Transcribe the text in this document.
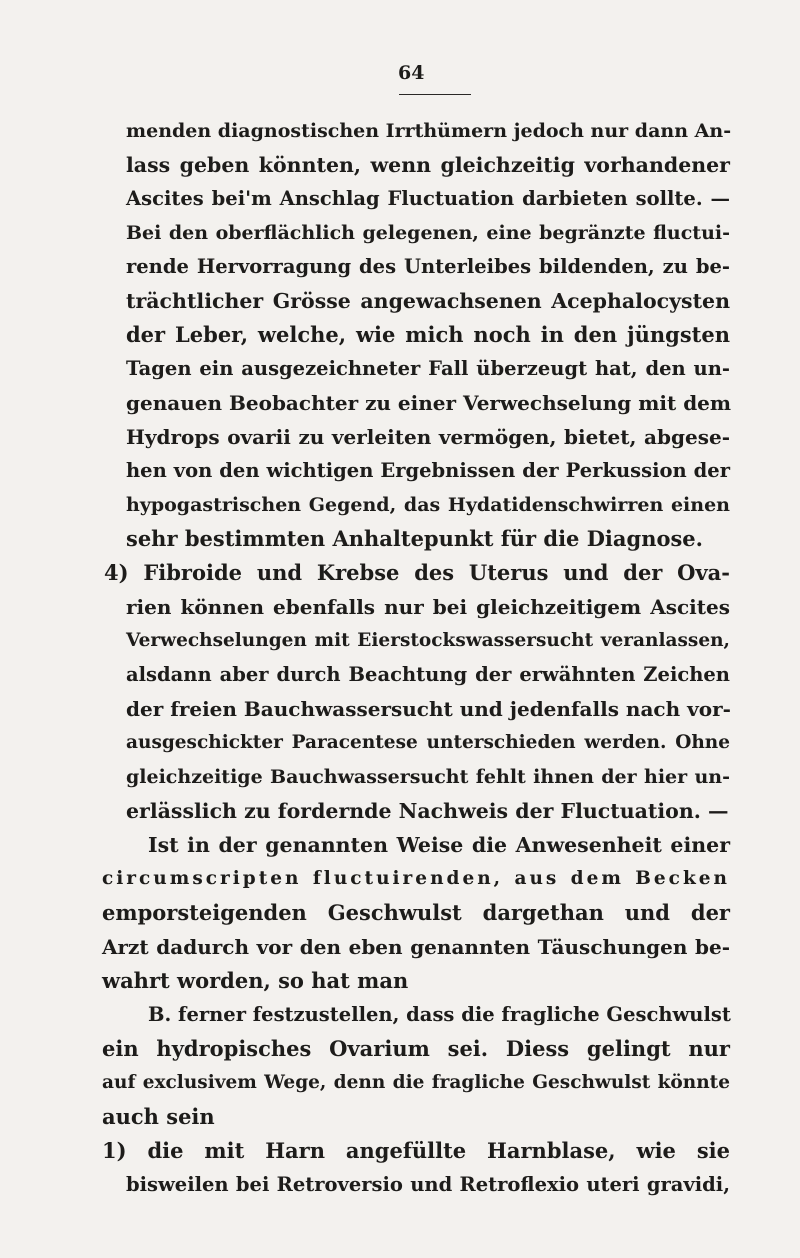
64
menden diagnostischen Irrthümern jedoch nur dann An-
lass geben könnten, wenn gleichzeitig vorhandener
Ascites bei'm Anschlag Fluctuation darbieten sollte. —
Bei den oberflächlich gelegenen, eine begränzte fluctui-
rende Hervorragung des Unterleibes bildenden, zu be-
trächtlicher Grösse angewachsenen Acephalocysten
der Leber, welche, wie mich noch in den jüngsten
Tagen ein ausgezeichneter Fall überzeugt hat, den un-
genauen Beobachter zu einer Verwechselung mit dem
Hydrops ovarii zu verleiten vermögen, bietet, abgese-
hen von den wichtigen Ergebnissen der Perkussion der
hypogastrischen Gegend, das Hydatidenschwirren einen
sehr bestimmten Anhaltepunkt für die Diagnose.
4) Fibroide und Krebse des Uterus und der Ova-
rien können ebenfalls nur bei gleichzeitigem Ascites
Verwechselungen mit Eierstockswassersucht veranlassen,
alsdann aber durch Beachtung der erwähnten Zeichen
der freien Bauchwassersucht und jedenfalls nach vor-
ausgeschickter Paracentese unterschieden werden. Ohne
gleichzeitige Bauchwassersucht fehlt ihnen der hier un-
erlässlich zu fordernde Nachweis der Fluctuation. —
Ist in der genannten Weise die Anwesenheit einer
circumscripten fluctuirenden, aus dem Becken
emporsteigenden Geschwulst dargethan und der
Arzt dadurch vor den eben genannten Täuschungen be-
wahrt worden, so hat man
B. ferner festzustellen, dass die fragliche Geschwulst
ein hydropisches Ovarium sei. Diess gelingt nur
auf exclusivem Wege, denn die fragliche Geschwulst könnte
auch sein
1) die mit Harn angefüllte Harnblase, wie sie
bisweilen bei Retroversio und Retroflexio uteri gravidi,
